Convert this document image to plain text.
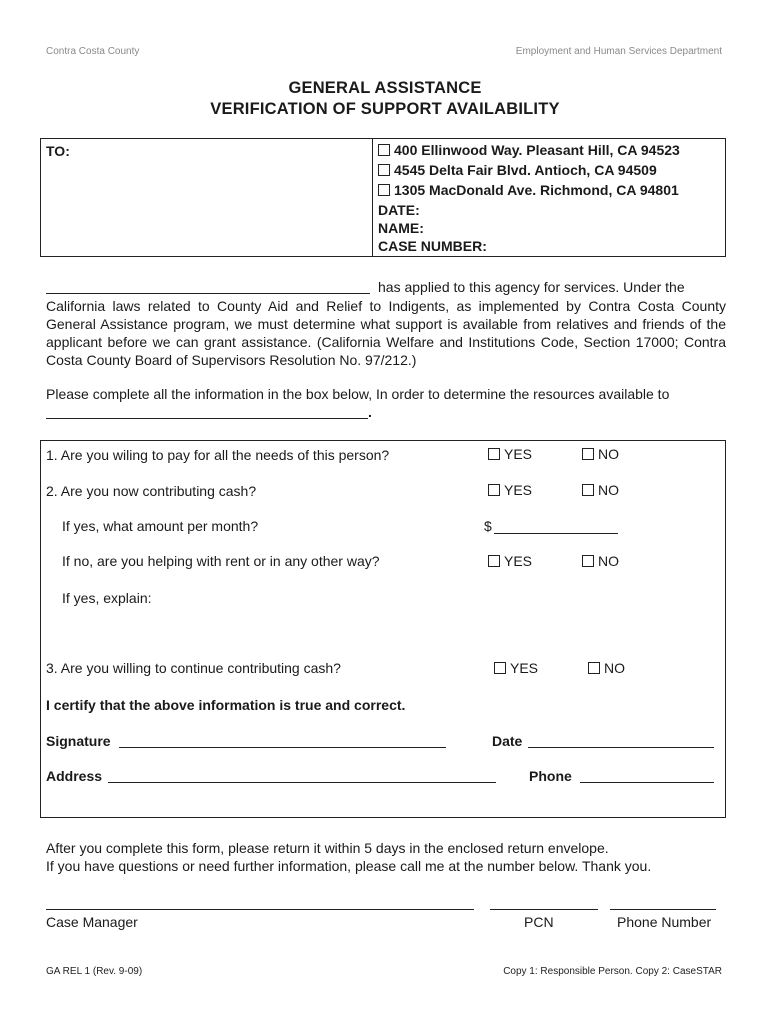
Contra Costa County	Employment and Human Services Department
GENERAL ASSISTANCE
VERIFICATION OF SUPPORT AVAILABILITY
TO:	400 Ellinwood Way. Pleasant Hill, CA 94523
4545 Delta Fair Blvd. Antioch, CA 94509
1305 MacDonald Ave. Richmond, CA 94801
DATE:
NAME:
CASE NUMBER:
has applied to this agency for services. Under the
California laws related to County Aid and Relief to Indigents, as implemented by Contra Costa County General Assistance program, we must determine what support is available from relatives and friends of the applicant before we can grant assistance. (California Welfare and Institutions Code, Section 17000; Contra Costa County Board of Supervisors Resolution No. 97/212.)
Please complete all the information in the box below, In order to determine the resources available to
.
1. Are you wiling to pay for all the needs of this person?	YES	NO
2. Are you now contributing cash?	YES	NO
If yes, what amount per month?	$
If no, are you helping with rent or in any other way?	YES	NO
If yes, explain:
3. Are you willing to continue contributing cash?	YES	NO
I certify that the above information is true and correct.
Signature	Date
Address	Phone
After you complete this form, please return it within 5 days in the enclosed return envelope.
If you have questions or need further information, please call me at the number below. Thank you.
Case Manager	PCN	Phone Number
GA REL 1 (Rev. 9-09)	Copy 1: Responsible Person. Copy 2: CaseSTAR
